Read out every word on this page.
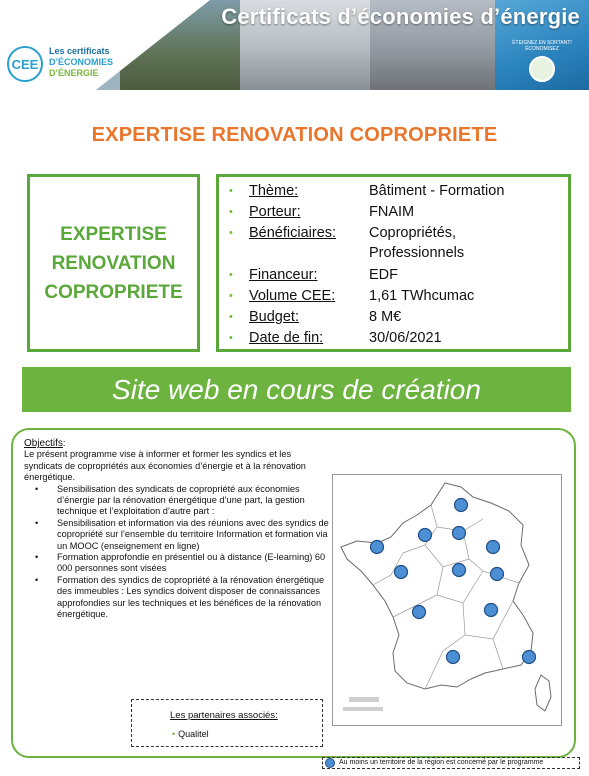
Certificats d’économies d’énergie
ÉTEIGNEZ EN SORTANT!
ÉCONOMISEZ
CEE
Les certificats
D’ÉCONOMIES
D’ÉNERGIE
EXPERTISE RENOVATION COPROPRIETE
EXPERTISE
RENOVATION
COPROPRIETE
• Thème:	Bâtiment - Formation
• Porteur:	FNAIM
• Bénéficiaires: Copropriétés,
Professionnels
• Financeur:	EDF
• Volume CEE: 1,61 TWhcumac
• Budget:	8 M€
• Date de fin:	30/06/2021
Site web en cours de création
Objectifs:
Le présent programme vise à informer et former les syndics et les syndicats de copropriétés aux économies d’énergie et à la rénovation énergétique.
• Sensibilisation des syndicats de copropriété aux économies d’énergie par la rénovation énergétique d’une part, la gestion technique et l’exploitation d’autre part :
• Sensibilisation et information via des réunions avec des syndics de copropriété sur l’ensemble du territoire Information et formation via un MOOC (enseignement en ligne)
• Formation approfondie en présentiel ou à distance (E-learning) 60 000 personnes sont visées
• Formation des syndics de copropriété à la rénovation énergétique des immeubles : Les syndics doivent disposer de connaissances approfondies sur les techniques et les bénéfices de la rénovation énergétique.
Les partenaires associés:
• Qualitel
Au moins un territoire de la région est concerné par le programme
